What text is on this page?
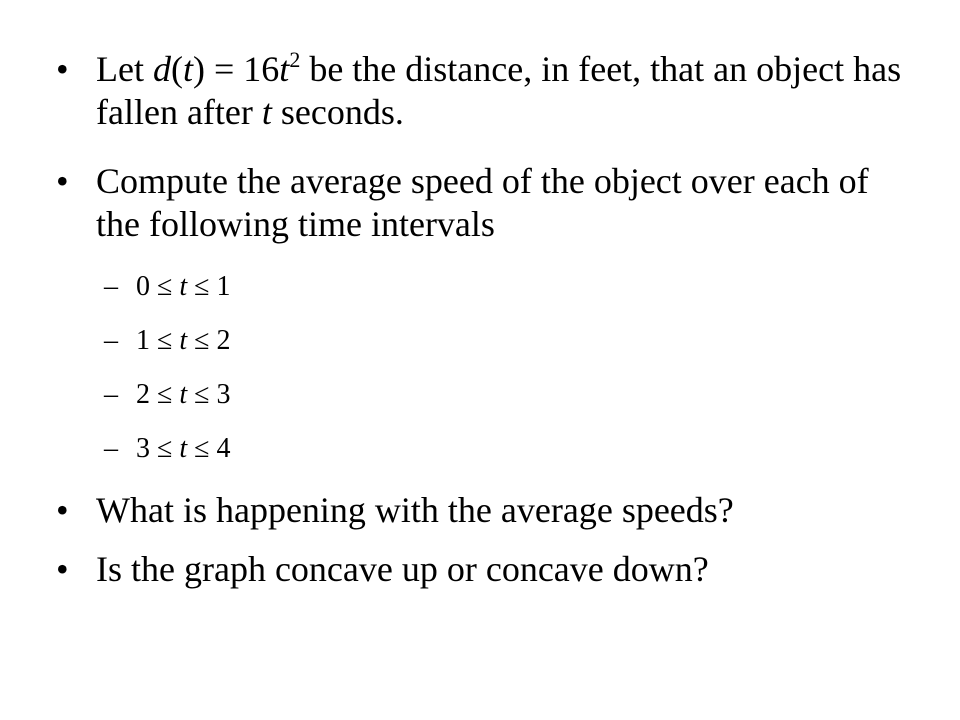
• Let $d(t) = 16t^2$ be the distance, in feet, that an object has fallen after t seconds.
• Compute the average speed of the object over each of the following time intervals
– 0 ≤ t ≤ 1
– 1 ≤ t ≤ 2
– 2 ≤ t ≤ 3
– 3 ≤ t ≤ 4
• What is happening with the average speeds?
• Is the graph concave up or concave down?
